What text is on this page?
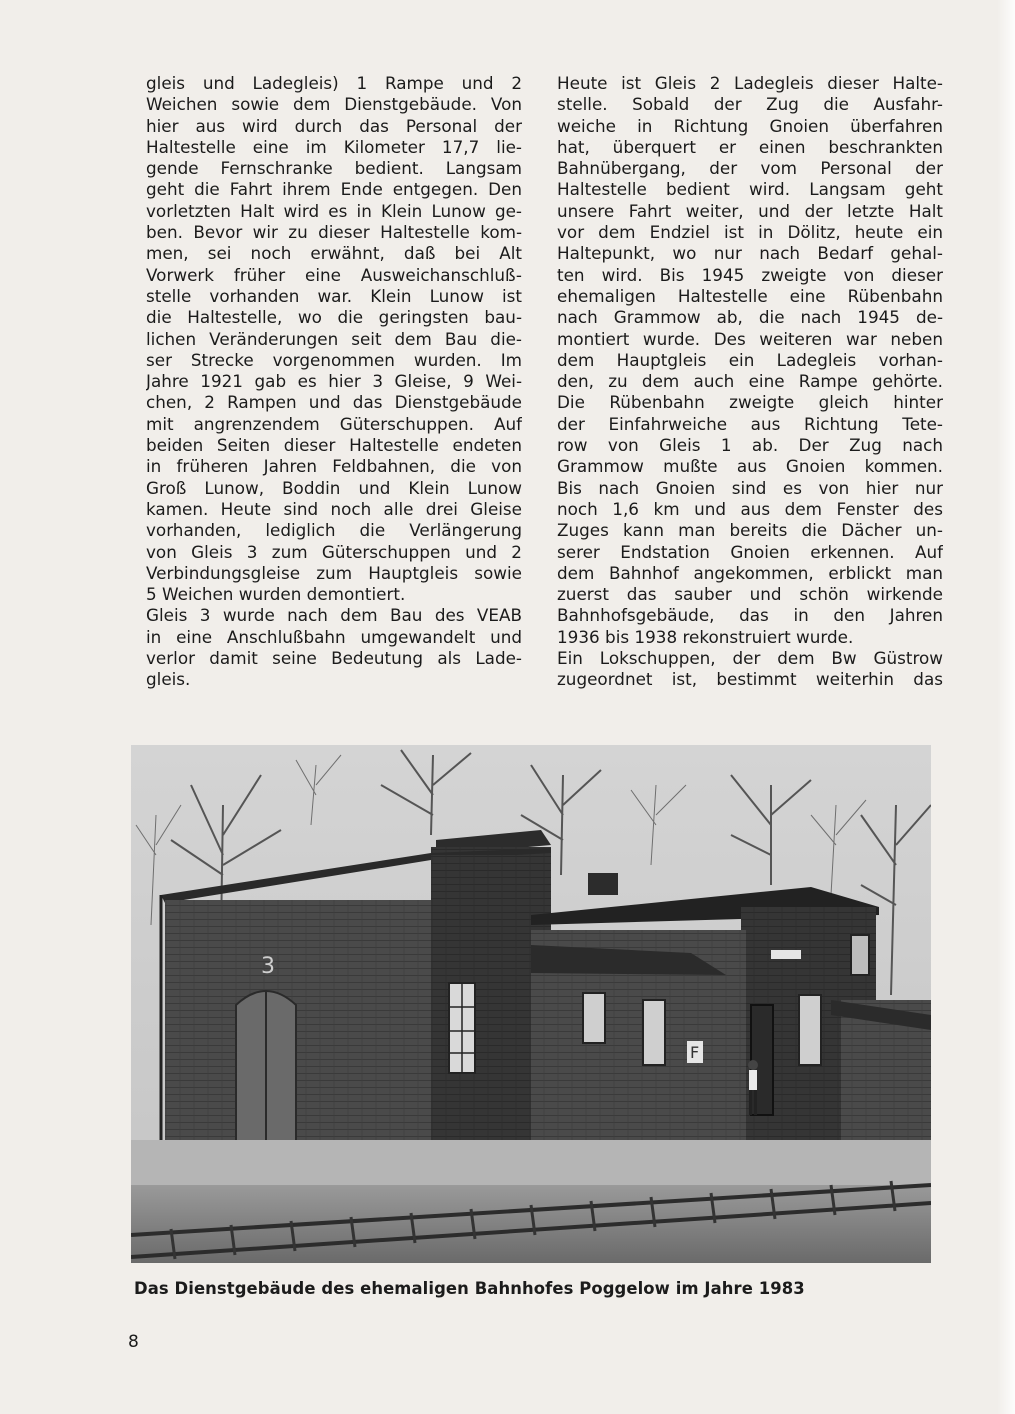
gleis und Ladegleis) 1 Rampe und 2
Weichen sowie dem Dienstgebäude. Von
hier aus wird durch das Personal der
Haltestelle eine im Kilometer 17,7 lie-
gende Fernschranke bedient. Langsam
geht die Fahrt ihrem Ende entgegen. Den
vorletzten Halt wird es in Klein Lunow ge-
ben. Bevor wir zu dieser Haltestelle kom-
men, sei noch erwähnt, daß bei Alt
Vorwerk früher eine Ausweichanschluß-
stelle vorhanden war. Klein Lunow ist
die Haltestelle, wo die geringsten bau-
lichen Veränderungen seit dem Bau die-
ser Strecke vorgenommen wurden. Im
Jahre 1921 gab es hier 3 Gleise, 9 Wei-
chen, 2 Rampen und das Dienstgebäude
mit angrenzendem Güterschuppen. Auf
beiden Seiten dieser Haltestelle endeten
in früheren Jahren Feldbahnen, die von
Groß Lunow, Boddin und Klein Lunow
kamen. Heute sind noch alle drei Gleise
vorhanden, lediglich die Verlängerung
von Gleis 3 zum Güterschuppen und 2
Verbindungsgleise zum Hauptgleis sowie
5 Weichen wurden demontiert.
Gleis 3 wurde nach dem Bau des VEAB
in eine Anschlußbahn umgewandelt und
verlor damit seine Bedeutung als Lade-
gleis.
Heute ist Gleis 2 Ladegleis dieser Halte-
stelle. Sobald der Zug die Ausfahr-
weiche in Richtung Gnoien überfahren
hat, überquert er einen beschrankten
Bahnübergang, der vom Personal der
Haltestelle bedient wird. Langsam geht
unsere Fahrt weiter, und der letzte Halt
vor dem Endziel ist in Dölitz, heute ein
Haltepunkt, wo nur nach Bedarf gehal-
ten wird. Bis 1945 zweigte von dieser
ehemaligen Haltestelle eine Rübenbahn
nach Grammow ab, die nach 1945 de-
montiert wurde. Des weiteren war neben
dem Hauptgleis ein Ladegleis vorhan-
den, zu dem auch eine Rampe gehörte.
Die Rübenbahn zweigte gleich hinter
der Einfahrweiche aus Richtung Tete-
row von Gleis 1 ab. Der Zug nach
Grammow mußte aus Gnoien kommen.
Bis nach Gnoien sind es von hier nur
noch 1,6 km und aus dem Fenster des
Zuges kann man bereits die Dächer un-
serer Endstation Gnoien erkennen. Auf
dem Bahnhof angekommen, erblickt man
zuerst das sauber und schön wirkende
Bahnhofsgebäude, das in den Jahren
1936 bis 1938 rekonstruiert wurde.
Ein Lokschuppen, der dem Bw Güstrow
zugeordnet ist, bestimmt weiterhin das
3
F
Das Dienstgebäude des ehemaligen Bahnhofes Poggelow im Jahre 1983
8
